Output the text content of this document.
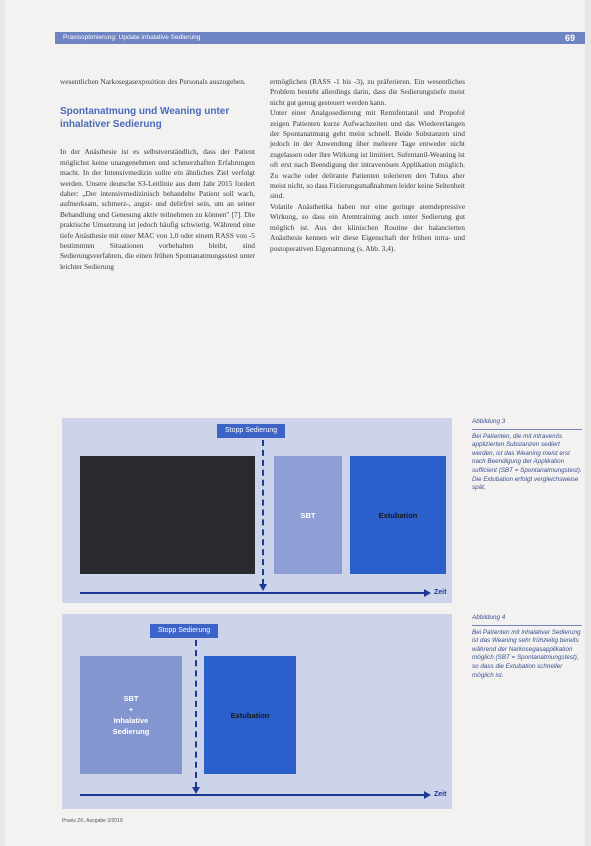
Praxisoptimierung: Update inhalative Sedierung	69

wesentlichen Narkosegasexposition des Personals auszugehen.

Spontanatmung und Weaning unter inhalativer Sedierung

In der Anästhesie ist es selbstverständlich, dass der Patient möglichst keine unangenehmen und schmerzhaften Erfahrungen macht. In der Intensivmedizin sollte ein ähnliches Ziel verfolgt werden. Unsere deutsche S3-Leitlinie aus dem Jahr 2015 fordert daher: „Der intensivmedizinisch behandelte Patient soll wach, aufmerksam, schmerz-, angst- und delirfrei sein, um an seiner Behandlung und Genesung aktiv teilnehmen zu können" [7]. Die praktische Umsetzung ist jedoch häufig schwierig. Während eine tiefe Anästhesie mit einer MAC von 1,0 oder einem RASS von -5 bestimmten Situationen vorbehalten bleibt, sind Sedierungsverfahren, die einen frühen Spontanatmungsstest unter leichter Sedierung

ermöglichen (RASS -1 bis -3), zu präferieren. Ein wesentliches Problem besteht allerdings darin, dass die Sedierungstiefe meist nicht gut genug gesteuert werden kann.

Unter einer Analgosedierung mit Remifentanil und Propofol zeigen Patienten kurze Aufwachzeiten und das Wiedererlangen der Spontanatmung geht meist schnell. Beide Substanzen sind jedoch in der Anwendung über mehrere Tage entweder nicht zugelassen oder ihre Wirkung ist limitiert. Sufentanil-Weaning ist oft erst nach Beendigung der intravenösen Applikation möglich. Zu wache oder delirante Patienten tolerieren den Tubus aber meist nicht, so dass Fixierungsmaßnahmen leider keine Seltenheit sind.

Volatile Anästhetika haben nur eine geringe atemdepressive Wirkung, so dass ein Atemtraining auch unter Sedierung gut möglich ist. Aus der klinischen Routine der balancierten Anästhesie kennen wir diese Eigenschaft der frühen intra- und postoperativen Eigenatmung (s. Abb. 3,4).

Stopp Sedierung
SBT	Extubation
Zeit
Abbildung 3
Bei Patienten, die mit intravenös applizierten Substanzen sediert werden, ist das Weaning meist erst nach Beendigung der Applikation sufficient (SBT = Spontanatmungstest). Die Extubation erfolgt vergleichsweise spät.
Stopp Sedierung
SBT
+
Inhalative
Sedierung
Extubation
Zeit
Abbildung 4
Bei Patienten mit inhalativer Sedierung ist das Weaning sehr frühzeitig bereits während der Narkosegasapplikation möglich (SBT = Spontanatmungstest), so dass die Extubation schneller möglich ist.
Praxis ZK, Ausgabe 3/2019
